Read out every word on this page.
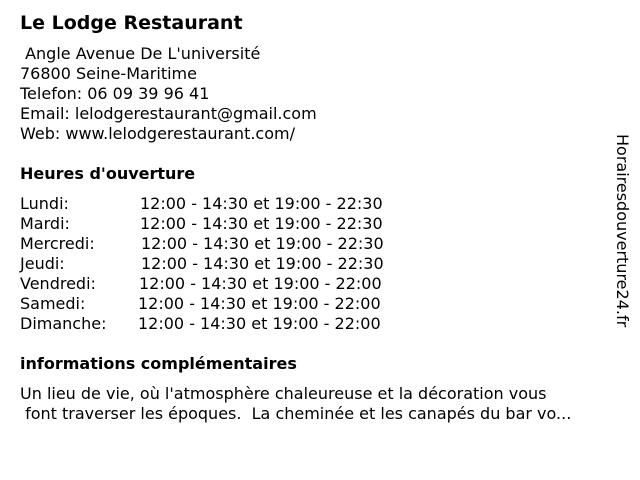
Le Lodge Restaurant
Angle Avenue De L'université
76800 Seine-Maritime
Telefon: 06 09 39 96 41
Email: lelodgerestaurant@gmail.com
Web: www.lelodgerestaurant.com/
Heures d'ouverture
Lundi:	12:00 - 14:30 et 19:00 - 22:30
Mardi:	12:00 - 14:30 et 19:00 - 22:30
Mercredi:	12:00 - 14:30 et 19:00 - 22:30
Jeudi:	12:00 - 14:30 et 19:00 - 22:30
Vendredi:	12:00 - 14:30 et 19:00 - 22:00
Samedi:	12:00 - 14:30 et 19:00 - 22:00
Dimanche: 12:00 - 14:30 et 19:00 - 22:00
informations complémentaires
Un lieu de vie, où l'atmosphère chaleureuse et la décoration vous
font traverser les époques.  La cheminée et les canapés du bar vo...
Horairesdouverture24.fr
